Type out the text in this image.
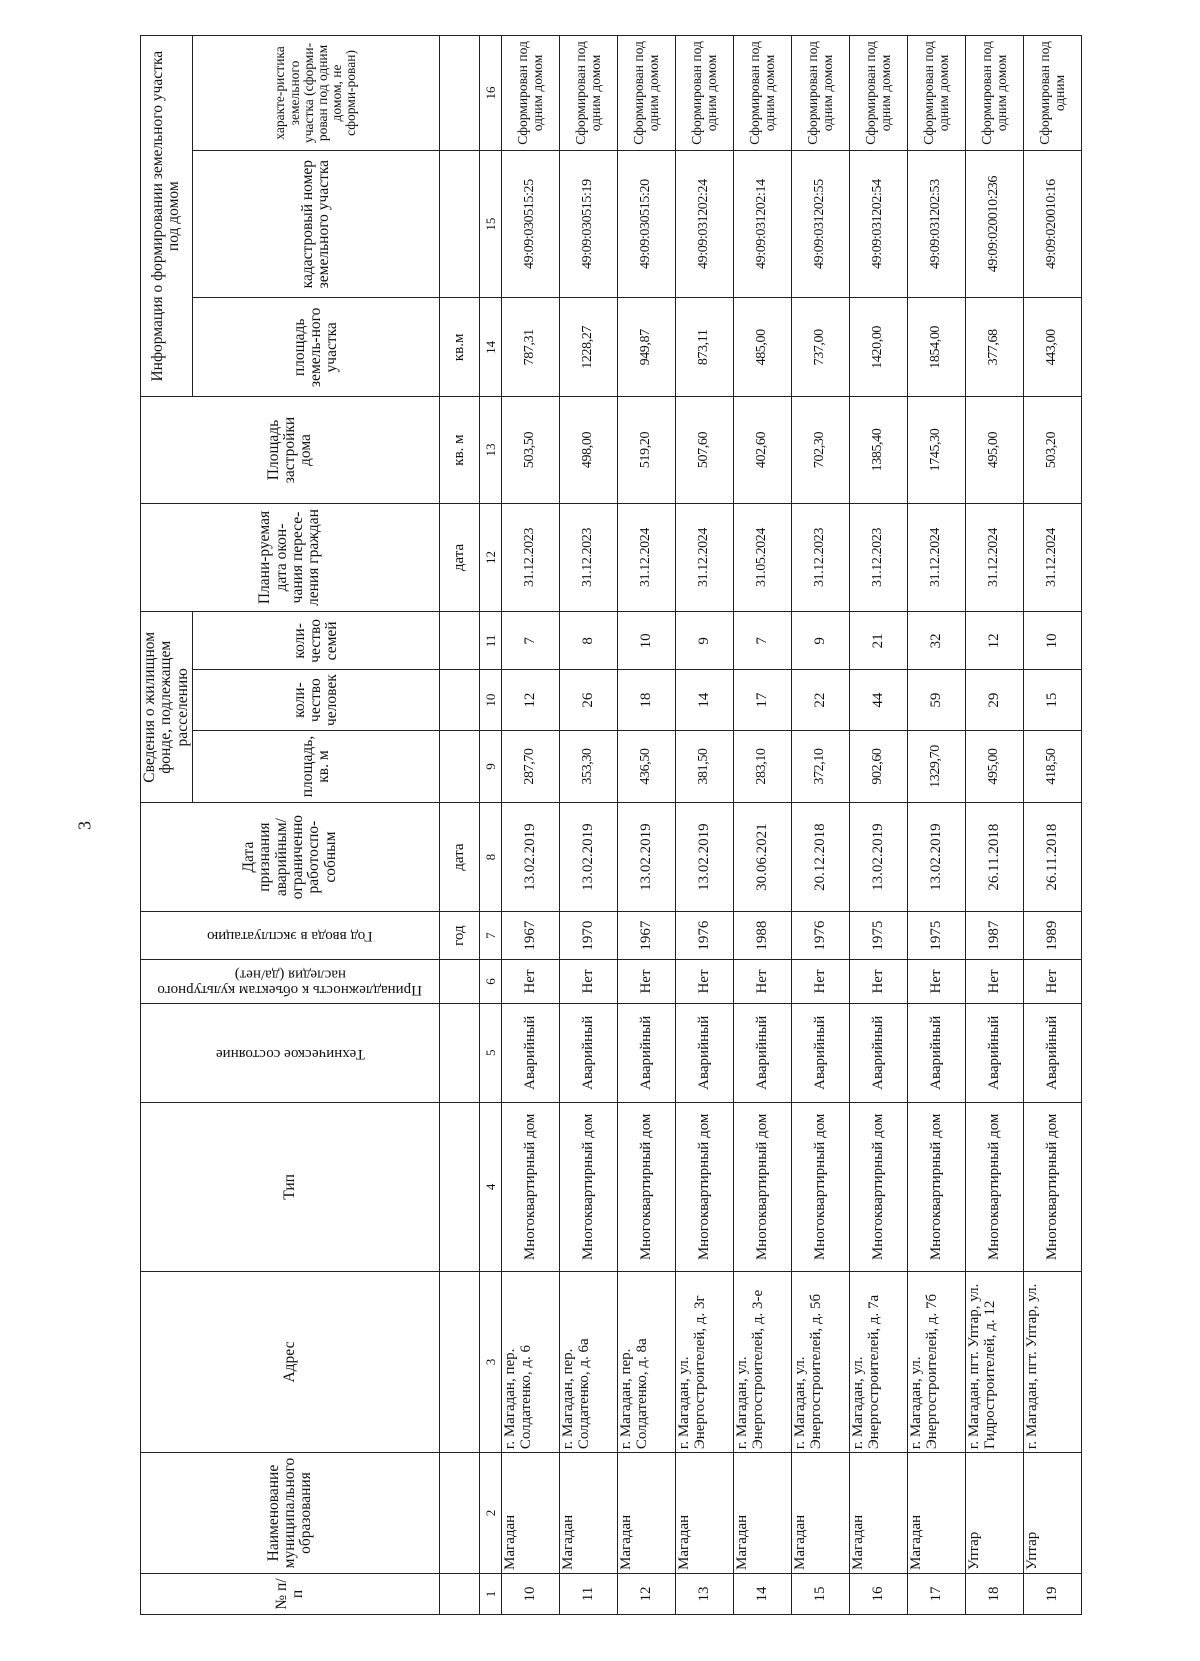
3
№ п/п	Наименование муниципального образования	Адрес	Тип	Техническое состояние	Принадлежность к объектам культурного наследия (да/нет)	Год ввода в эксплуатацию	Дата признания аварийным/ограниченно работоспо-собным	Сведения о жилищном фонде, подлежащем расселению			Плани-руемая дата окон-чания пересе-ления граждан	Площадь застройки дома	Информация о формировании земельного участка под домом		
								площадь, кв. м	коли-чество человек	коли-чество семей			площадь земель-ного участка	кадастровый номер земельного участка	характе-ристика земельного участка (сформи-рован под одним домом, не сформи-рован)

						год	дата				дата	кв. м	кв.м		
1	2	3	4	5	6	7	8	9	10	11	12	13	14	15	16
10	Магадан	г. Магадан, пер. Солдатенко, д. 6	Многоквартирный дом	Аварийный	Нет	1967	13.02.2019	287,70	12	7	31.12.2023	503,50	787,31	49:09:030515:25	Сформирован под одним домом
11	Магадан	г. Магадан, пер. Солдатенко, д. 6а	Многоквартирный дом	Аварийный	Нет	1970	13.02.2019	353,30	26	8	31.12.2023	498,00	1228,27	49:09:030515:19	Сформирован под одним домом
12	Магадан	г. Магадан, пер. Солдатенко, д. 8а	Многоквартирный дом	Аварийный	Нет	1967	13.02.2019	436,50	18	10	31.12.2024	519,20	949,87	49:09:030515:20	Сформирован под одним домом
13	Магадан	г. Магадан, ул. Энергостроителей, д. 3г	Многоквартирный дом	Аварийный	Нет	1976	13.02.2019	381,50	14	9	31.12.2024	507,60	873,11	49:09:031202:24	Сформирован под одним домом
14	Магадан	г. Магадан, ул. Энергостроителей, д. 3-е	Многоквартирный дом	Аварийный	Нет	1988	30.06.2021	283,10	17	7	31.05.2024	402,60	485,00	49:09:031202:14	Сформирован под одним домом
15	Магадан	г. Магадан, ул. Энергостроителей, д. 5б	Многоквартирный дом	Аварийный	Нет	1976	20.12.2018	372,10	22	9	31.12.2023	702,30	737,00	49:09:031202:55	Сформирован под одним домом
16	Магадан	г. Магадан, ул. Энергостроителей, д. 7а	Многоквартирный дом	Аварийный	Нет	1975	13.02.2019	902,60	44	21	31.12.2023	1385,40	1420,00	49:09:031202:54	Сформирован под одним домом
17	Магадан	г. Магадан, ул. Энергостроителей, д. 7б	Многоквартирный дом	Аварийный	Нет	1975	13.02.2019	1329,70	59	32	31.12.2024	1745,30	1854,00	49:09:031202:53	Сформирован под одним домом
18	Уптар	г. Магадан, пгт. Уптар, ул. Гидростроителей, д. 12	Многоквартирный дом	Аварийный	Нет	1987	26.11.2018	495,00	29	12	31.12.2024	495,00	377,68	49:09:020010:236	Сформирован под одним домом
19	Уптар	г. Магадан, пгт. Уптар, ул.	Многоквартирный дом	Аварийный	Нет	1989	26.11.2018	418,50	15	10	31.12.2024	503,20	443,00	49:09:020010:16	Сформирован под одним
